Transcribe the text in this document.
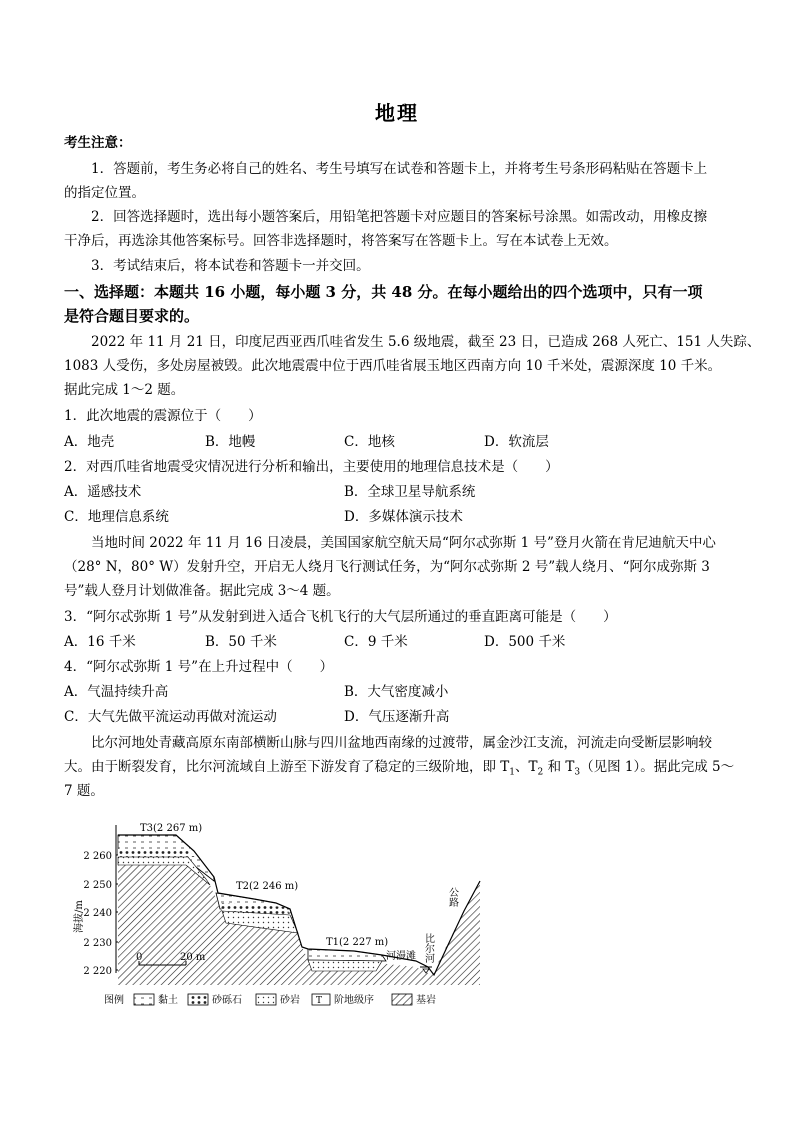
地理
考生注意：
1．答题前，考生务必将自己的姓名、考生号填写在试卷和答题卡上，并将考生号条形码粘贴在答题卡上
的指定位置。
2．回答选择题时，选出每小题答案后，用铅笔把答题卡对应题目的答案标号涂黑。如需改动，用橡皮擦
干净后，再选涂其他答案标号。回答非选择题时，将答案写在答题卡上。写在本试卷上无效。
3．考试结束后，将本试卷和答题卡一并交回。
一、选择题：本题共 16 小题，每小题 3 分，共 48 分。在每小题给出的四个选项中，只有一项
是符合题目要求的。
2022 年 11 月 21 日，印度尼西亚西爪哇省发生 5.6 级地震，截至 23 日，已造成 268 人死亡、151 人失踪、
1083 人受伤，多处房屋被毁。此次地震震中位于西爪哇省展玉地区西南方向 10 千米处，震源深度 10 千米。
据此完成 1～2 题。
1．此次地震的震源位于（　　）
A．地壳	B．地幔	C．地核	D．软流层
2．对西爪哇省地震受灾情况进行分析和输出，主要使用的地理信息技术是（　　）
A．遥感技术	B．全球卫星导航系统
C．地理信息系统	D．多媒体演示技术
当地时间 2022 年 11 月 16 日凌晨，美国国家航空航天局“阿尔忒弥斯 1 号”登月火箭在肯尼迪航天中心
（28° N，80° W）发射升空，开启无人绕月飞行测试任务，为“阿尔忒弥斯 2 号”载人绕月、“阿尔成弥斯 3
号”载人登月计划做准备。据此完成 3～4 题。
3．“阿尔忒弥斯 1 号”从发射到进入适合飞机飞行的大气层所通过的垂直距离可能是（　　）
A．16 千米	B．50 千米	C．9 千米	D．500 千米
4．“阿尔忒弥斯 1 号”在上升过程中（　　）
A．气温持续升高	B．大气密度减小
C．大气先做平流运动再做对流运动	D．气压逐渐升高
比尔河地处青藏高原东南部横断山脉与四川盆地西南缘的过渡带，属金沙江支流，河流走向受断层影响较
大。由于断裂发育，比尔河流域自上游至下游发育了稳定的三级阶地，即 $T_1$、$T_2$ 和 $T_3$（见图 1）。据此完成 5～
7 题。
2 260
2 250
2 240
2 230
2 220
海拔/m
T3(2 267 m)
T2(2 246 m)
T1(2 227 m)
河漫滩 比尔河
公路
0	20 m
图例	黏土	砂砾石	砂岩 T 阶地级序	基岩
